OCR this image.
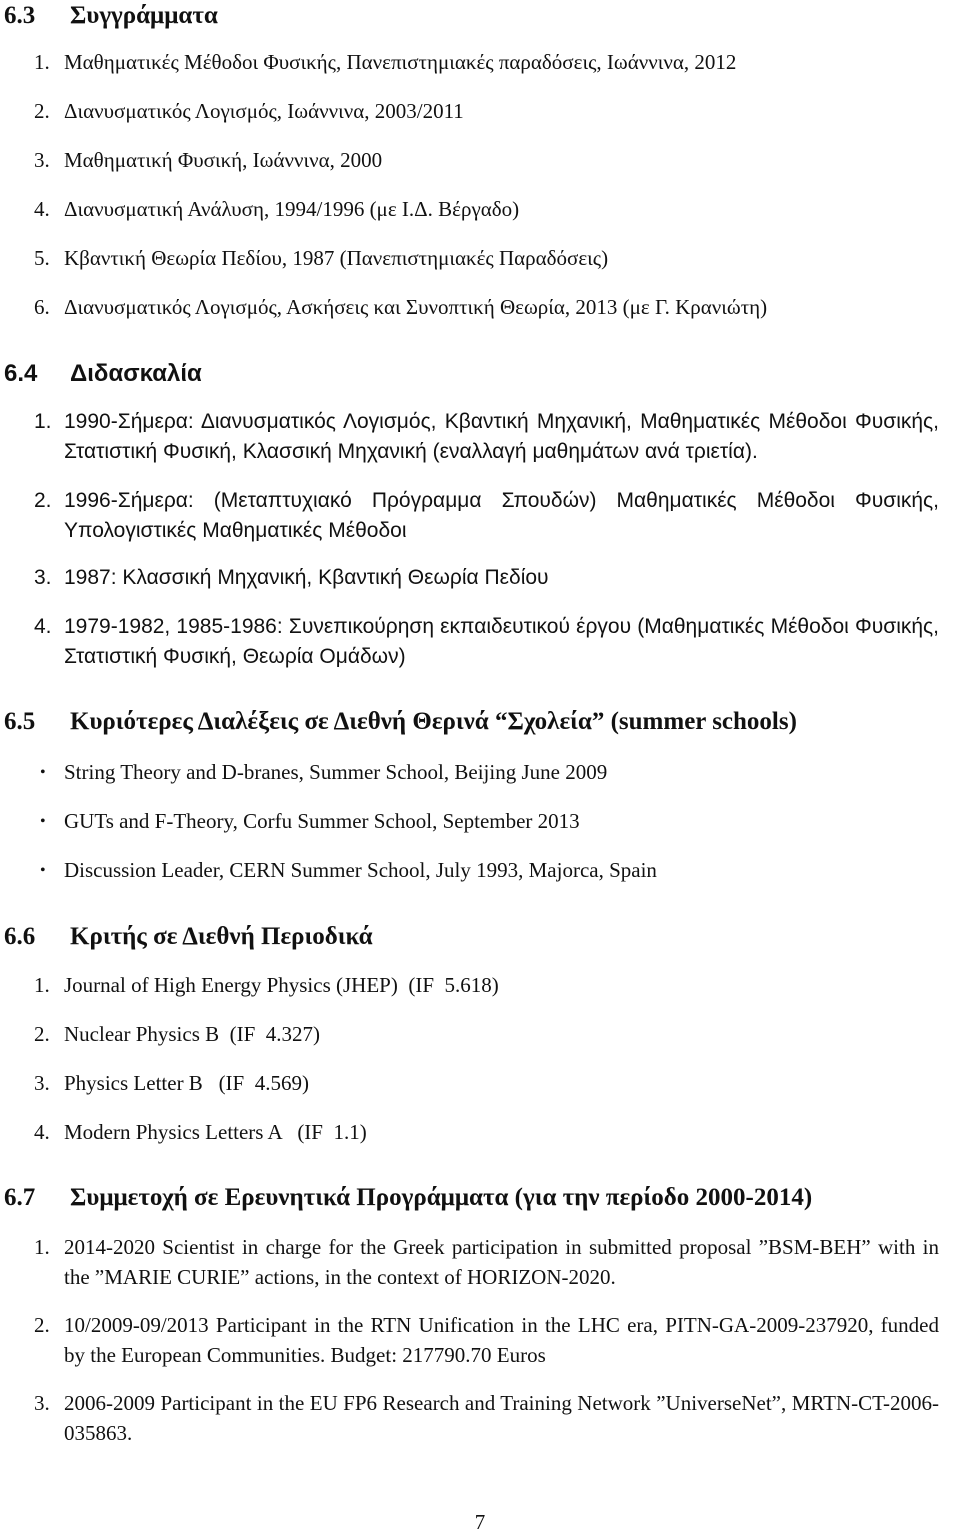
6.3 Συγγράμματα
1. Μαθηματικές Μέθοδοι Φυσικής, Πανεπιστημιακές παραδόσεις, Ιωάννινα, 2012
2. Διανυσματικός Λογισμός, Ιωάννινα, 2003/2011
3. Μαθηματική Φυσική, Ιωάννινα, 2000
4. Διανυσματική Ανάλυση, 1994/1996 (με Ι.Δ. Βέργαδο)
5. Κβαντική Θεωρία Πεδίου, 1987 (Πανεπιστημιακές Παραδόσεις)
6. Διανυσματικός Λογισμός, Ασκήσεις και Συνοπτική Θεωρία, 2013 (με Γ. Κρανιώτη)
6.4 Διδασκαλία
1. 1990-Σήμερα: Διανυσματικός Λογισμός, Κβαντική Μηχανική, Μαθηματικές Μέθοδοι Φυσικής, Στατιστική Φυσική, Κλασσική Μηχανική (εναλλαγή μαθημάτων ανά τριετία).
2. 1996-Σήμερα: (Μεταπτυχιακό Πρόγραμμα Σπουδών) Μαθηματικές Μέθοδοι Φυσικής, Υπολογιστικές Μαθηματικές Μέθοδοι
3. 1987: Κλασσική Μηχανική, Κβαντική Θεωρία Πεδίου
4. 1979-1982, 1985-1986: Συνεπικούρηση εκπαιδευτικού έργου (Μαθηματικές Μέθοδοι Φυσικής, Στατιστική Φυσική, Θεωρία Ομάδων)
6.5 Κυριότερες Διαλέξεις σε Διεθνή Θερινά “Σχολεία” (summer schools)
• String Theory and D-branes, Summer School, Beijing June 2009
• GUTs and F-Theory, Corfu Summer School, September 2013
• Discussion Leader, CERN Summer School, July 1993, Majorca, Spain
6.6 Κριτής σε Διεθνή Περιοδικά
1. Journal of High Energy Physics (JHEP)  (IF  5.618)
2. Nuclear Physics B  (IF  4.327)
3. Physics Letter B   (IF  4.569)
4. Modern Physics Letters A   (IF  1.1)
6.7 Συμμετοχή σε Ερευνητικά Προγράμματα (για την περίοδο 2000-2014)
1. 2014-2020 Scientist in charge for the Greek participation in submitted proposal ”BSM-BEH” with in the ”MARIE CURIE” actions, in the context of HORIZON-2020.
2. 10/2009-09/2013 Participant in the RTN Unification in the LHC era, PITN-GA-2009-237920, funded by the European Communities. Budget: 217790.70 Euros
3. 2006-2009 Participant in the EU FP6 Research and Training Network ”UniverseNet”, MRTN-CT-2006-035863.
7
